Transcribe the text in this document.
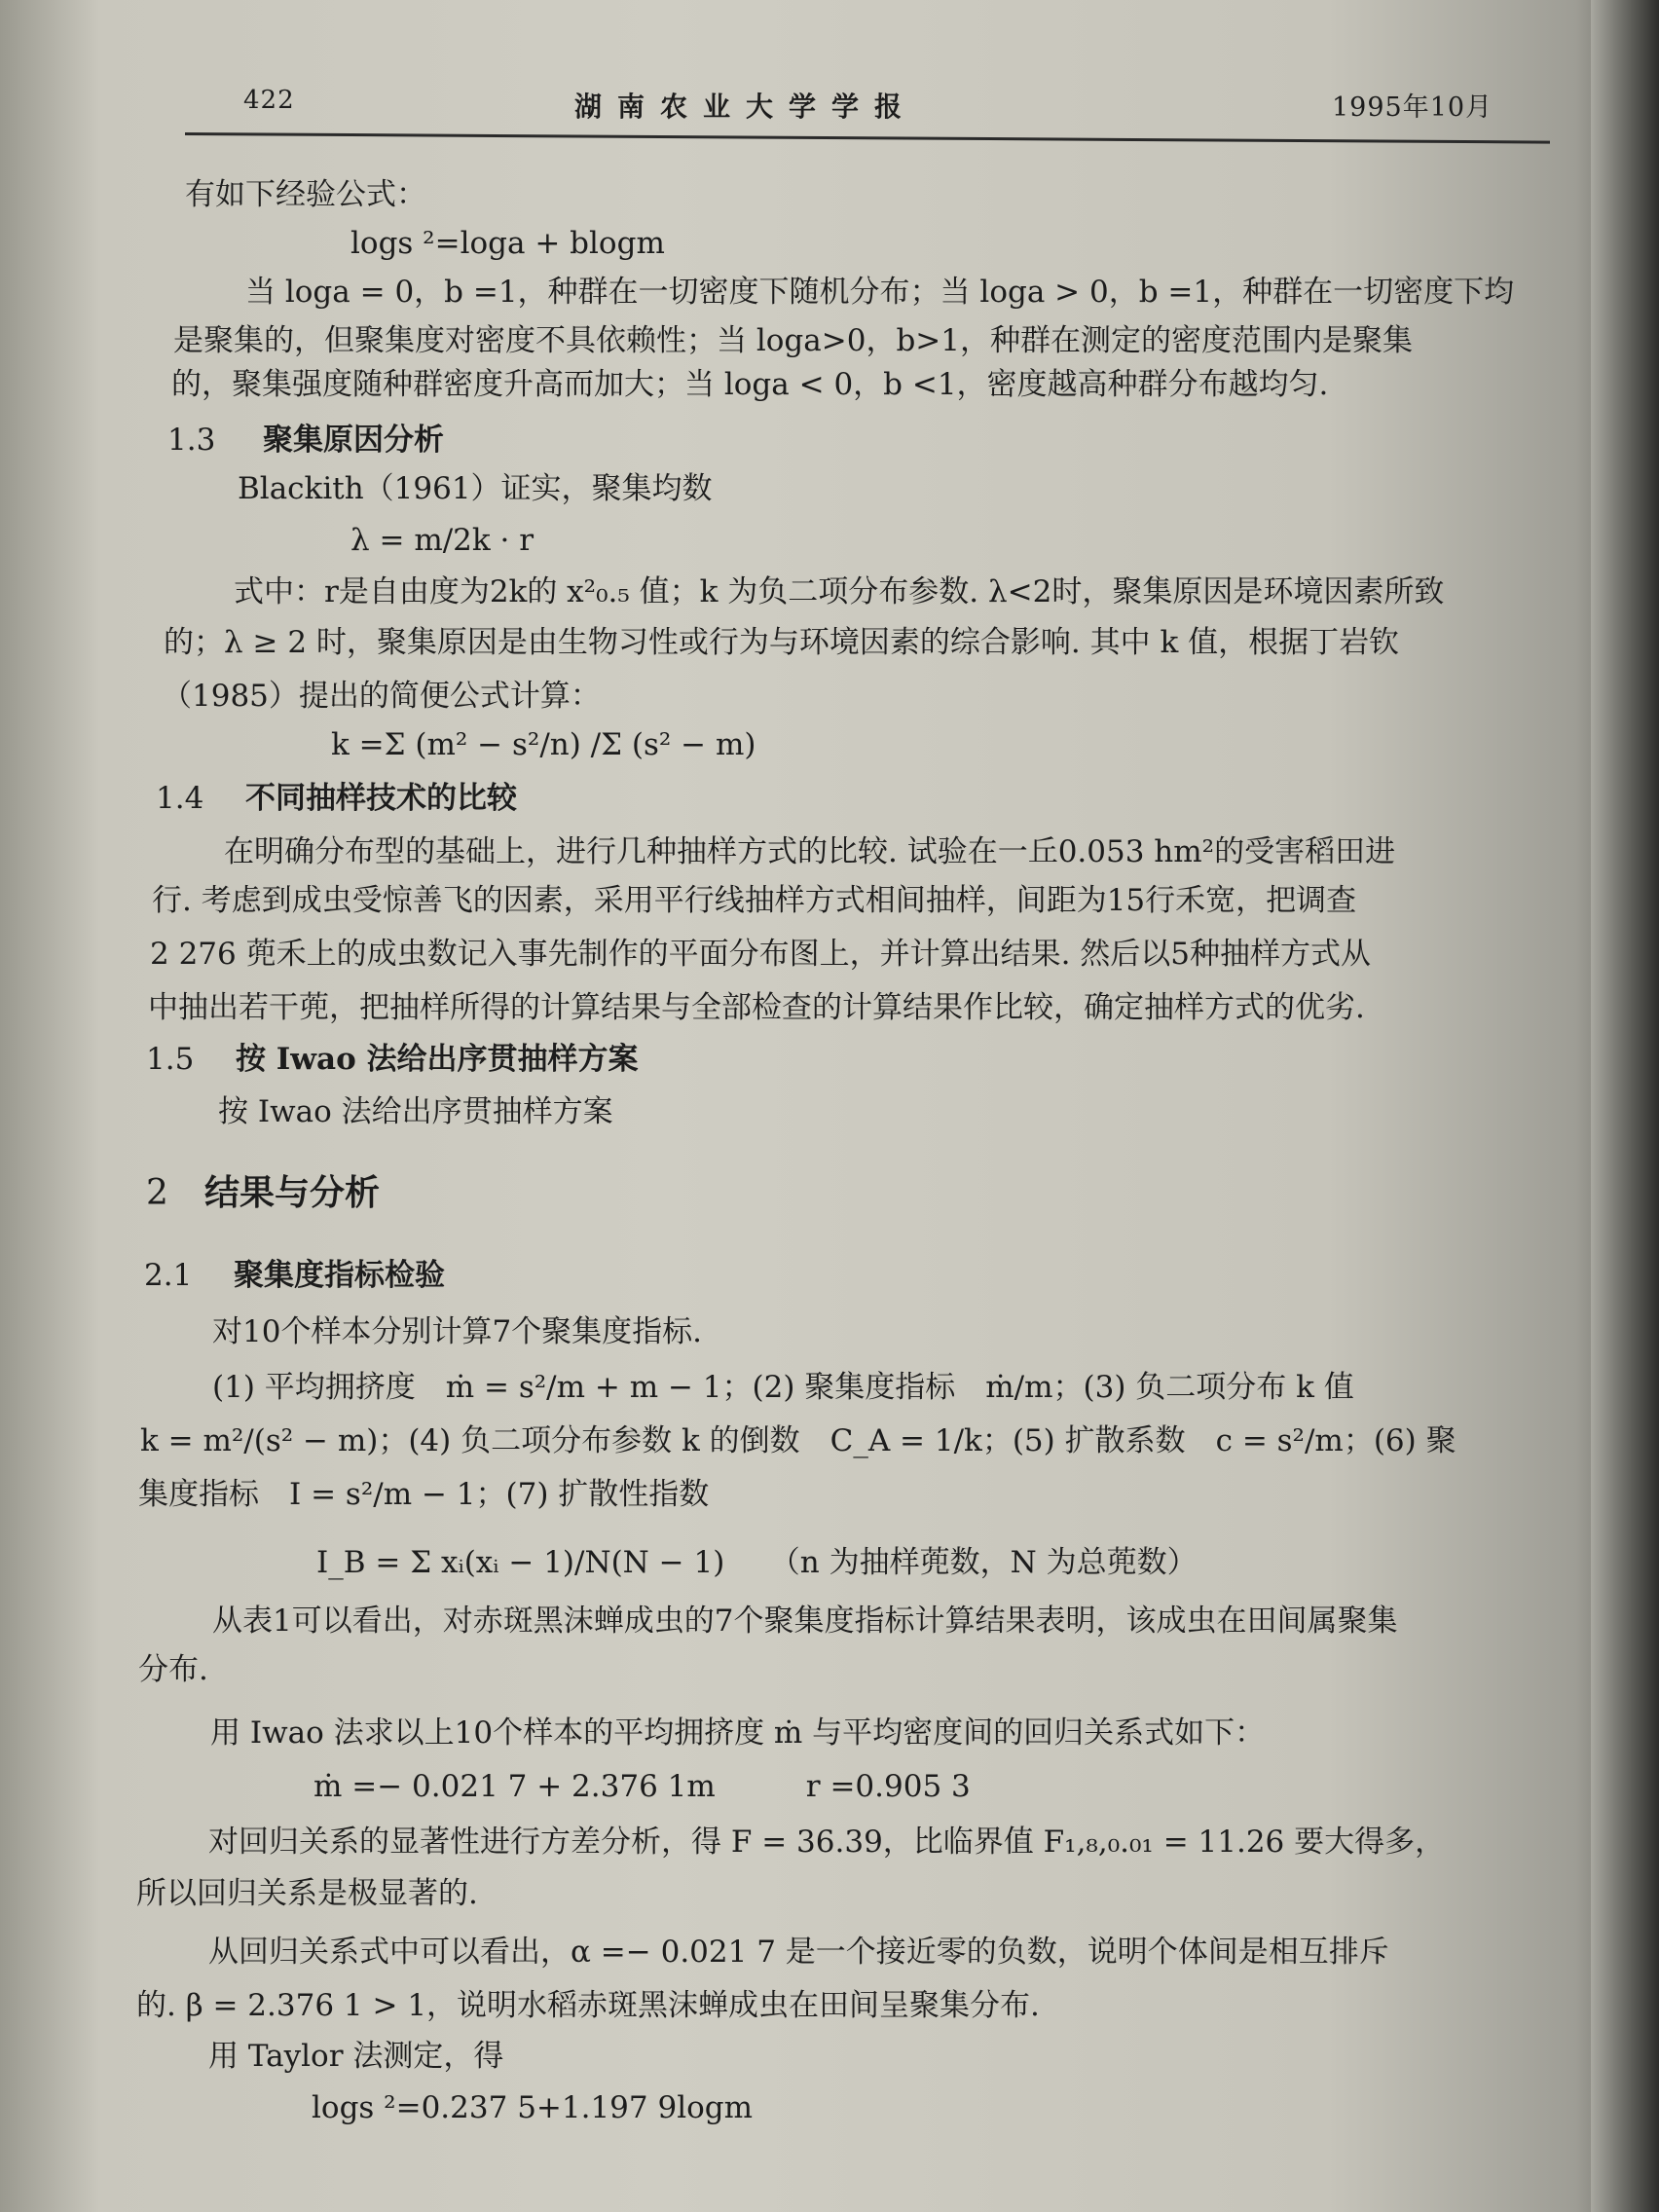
422	湖南农业大学学报	1995年10月
有如下经验公式：
logs ²=loga + blogm
当 loga = 0，b =1，种群在一切密度下随机分布；当 loga > 0，b =1，种群在一切密度下均
是聚集的，但聚集度对密度不具依赖性；当 loga>0，b>1，种群在测定的密度范围内是聚集
的，聚集强度随种群密度升高而加大；当 loga < 0，b <1，密度越高种群分布越均匀.
1.3 聚集原因分析
Blackith（1961）证实，聚集均数
λ = m/2k · r
式中：r是自由度为2k的 x²₀.₅ 值；k 为负二项分布参数. λ<2时，聚集原因是环境因素所致
的；λ ≥ 2 时，聚集原因是由生物习性或行为与环境因素的综合影响. 其中 k 值，根据丁岩钦
（1985）提出的简便公式计算：
k =Σ (m² − s²/n) /Σ (s² − m)
1.4 不同抽样技术的比较
在明确分布型的基础上，进行几种抽样方式的比较. 试验在一丘0.053 hm²的受害稻田进
行. 考虑到成虫受惊善飞的因素，采用平行线抽样方式相间抽样，间距为15行禾宽，把调查
2 276 蔸禾上的成虫数记入事先制作的平面分布图上，并计算出结果. 然后以5种抽样方式从
中抽出若干蔸，把抽样所得的计算结果与全部检查的计算结果作比较，确定抽样方式的优劣.
1.5 按 Iwao 法给出序贯抽样方案
按 Iwao 法给出序贯抽样方案
2 结果与分析
2.1 聚集度指标检验
对10个样本分别计算7个聚集度指标.
(1) 平均拥挤度　ṁ = s²/m + m − 1；(2) 聚集度指标　ṁ/m；(3) 负二项分布 k 值
k = m²/(s² − m)；(4) 负二项分布参数 k 的倒数　C_A = 1/k；(5) 扩散系数　c = s²/m；(6) 聚
集度指标　I = s²/m − 1；(7) 扩散性指数
I_B = Σ xᵢ(xᵢ − 1)/N(N − 1)　　（n 为抽样蔸数，N 为总蔸数）
从表1可以看出，对赤斑黑沫蝉成虫的7个聚集度指标计算结果表明，该成虫在田间属聚集
分布.
用 Iwao 法求以上10个样本的平均拥挤度 ṁ 与平均密度间的回归关系式如下：
ṁ =− 0.021 7 + 2.376 1m　　　r =0.905 3
对回归关系的显著性进行方差分析，得 F = 36.39，比临界值 F₁,₈,₀.₀₁ = 11.26 要大得多，
所以回归关系是极显著的.
从回归关系式中可以看出，α =− 0.021 7 是一个接近零的负数，说明个体间是相互排斥
的. β = 2.376 1 > 1，说明水稻赤斑黑沫蝉成虫在田间呈聚集分布.
用 Taylor 法测定，得
logs ²=0.237 5+1.197 9logm
